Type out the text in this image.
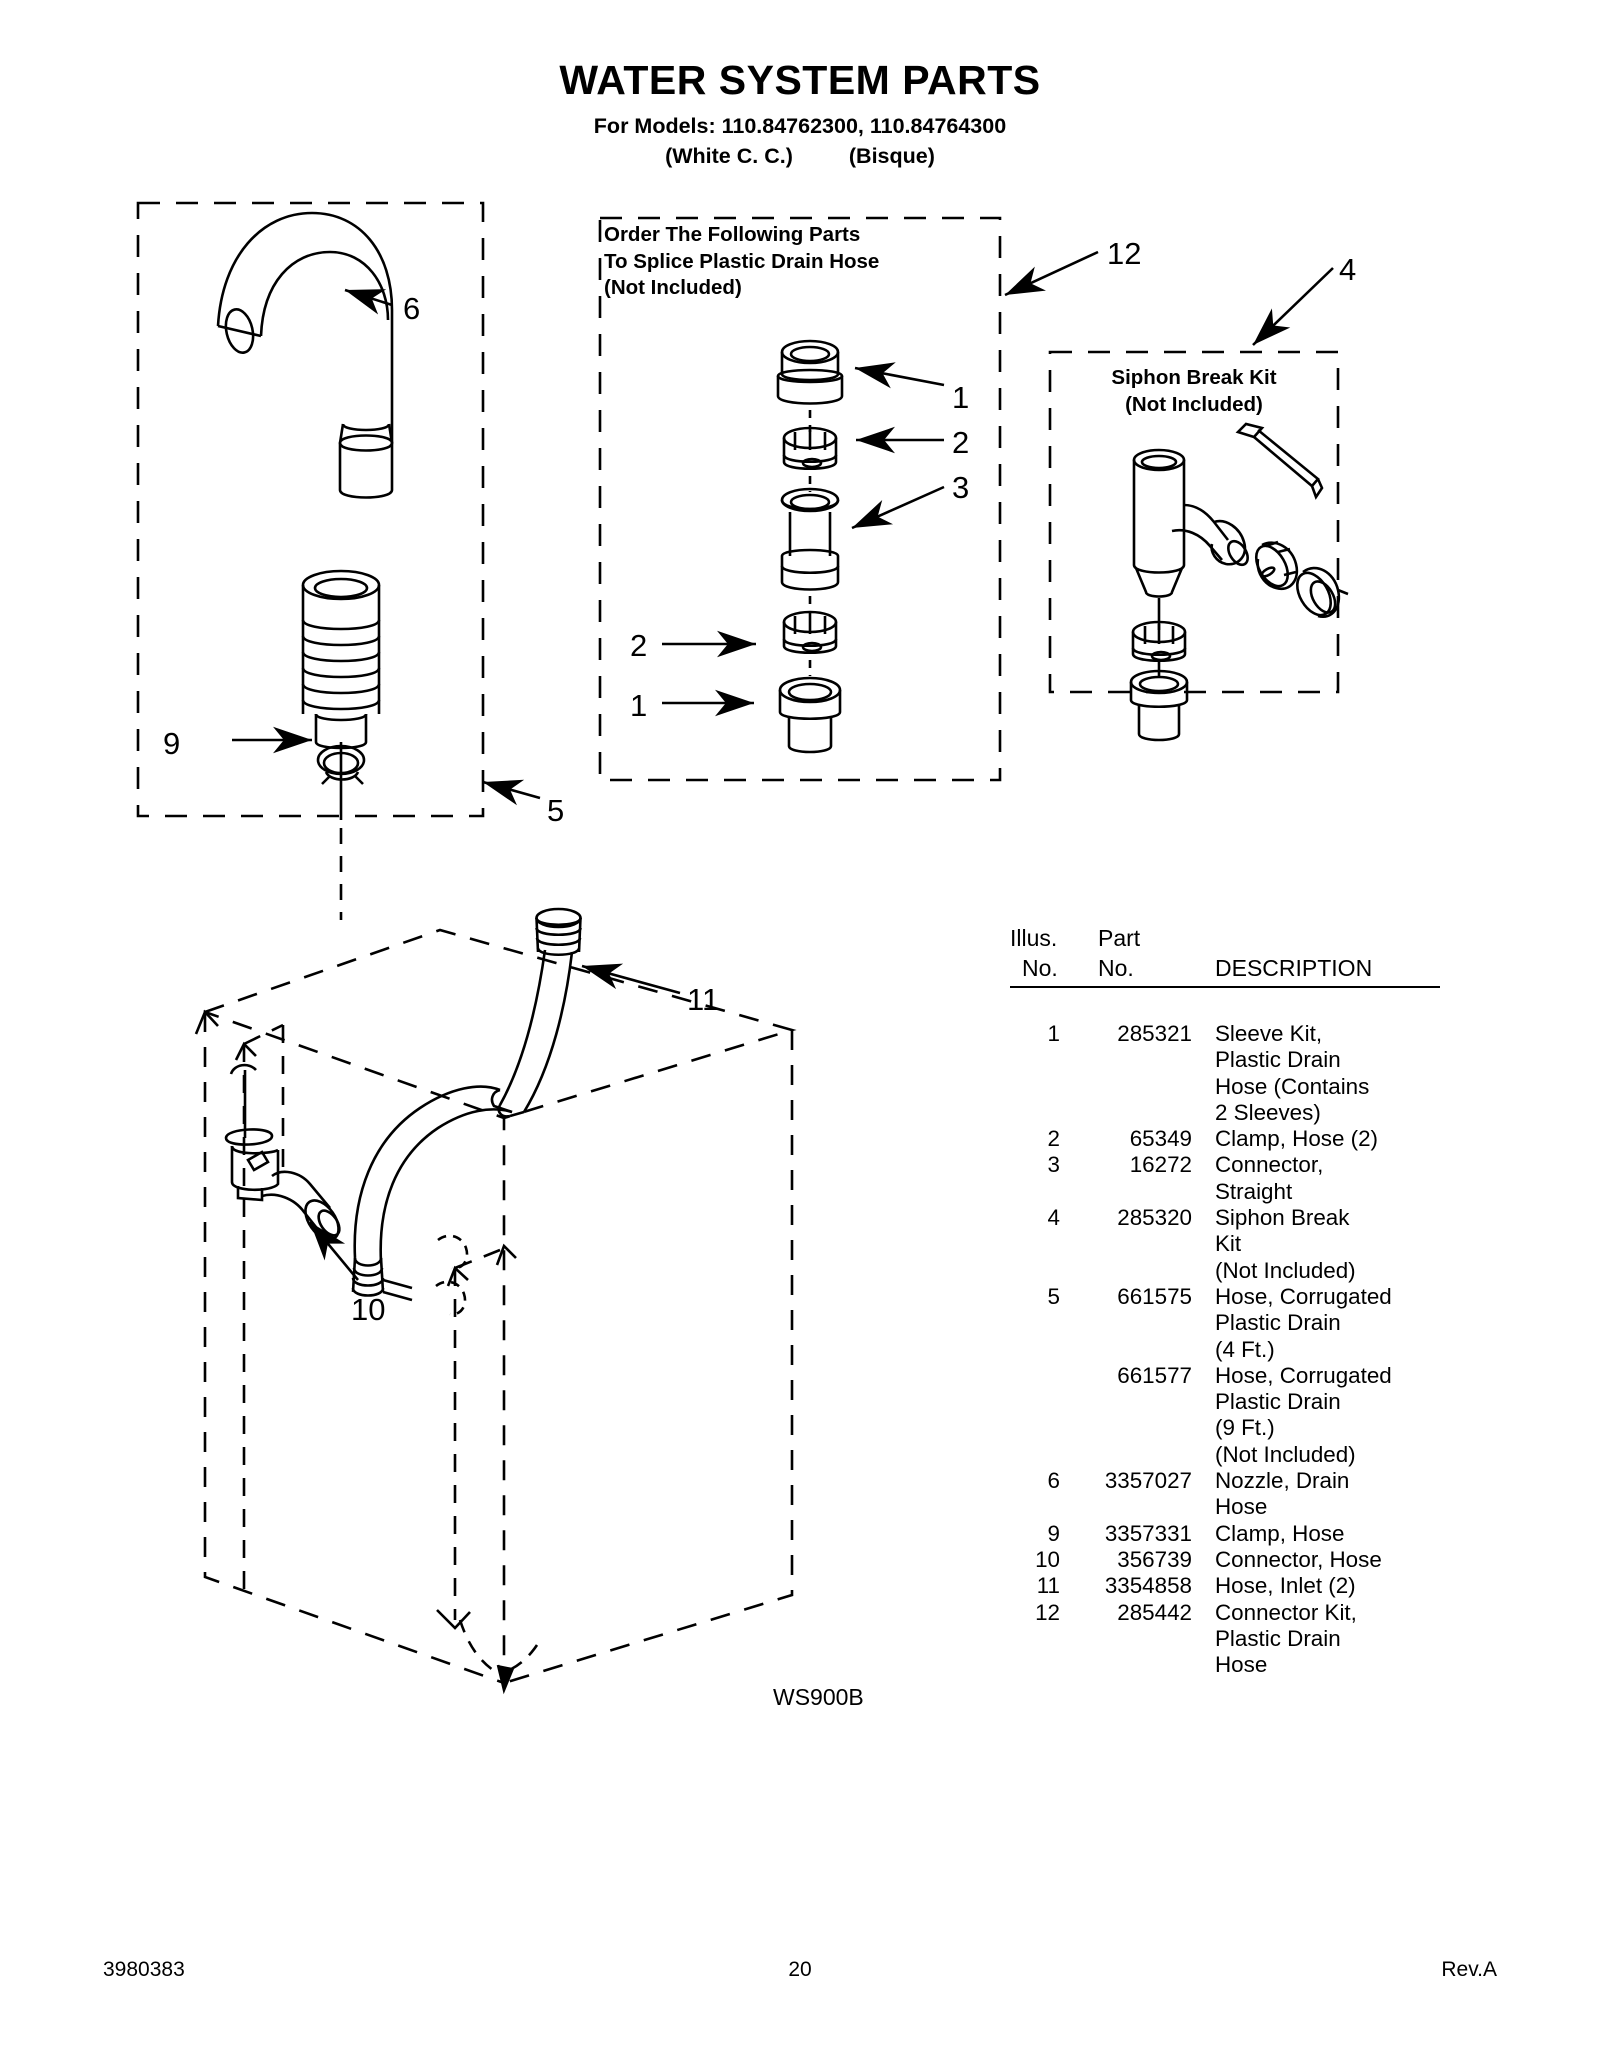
WATER SYSTEM PARTS
For Models: 110.84762300, 110.84764300
(White C. C.)	(Bisque)
Order The Following Parts
To Splice Plastic Drain Hose
(Not Included)
Siphon Break Kit
(Not Included)
6
9
5
1
2
3
2
1
12	4
11
10
Illus.
No.
Part
No.	DESCRIPTION
1	285321 Sleeve Kit,
Plastic Drain
Hose (Contains
2 Sleeves)
2	65349 Clamp, Hose (2)
3	16272 Connector,
Straight
4	285320 Siphon Break
Kit
(Not Included)
5	661575 Hose, Corrugated
Plastic Drain
(4 Ft.)
661577 Hose, Corrugated
Plastic Drain
(9 Ft.)
(Not Included)
6	3357027 Nozzle, Drain
Hose
9	3357331 Clamp, Hose
10	356739 Connector, Hose
11	3354858 Hose, Inlet (2)
12	285442 Connector Kit,
Plastic Drain
Hose
WS900B
3980383	20	Rev.A
